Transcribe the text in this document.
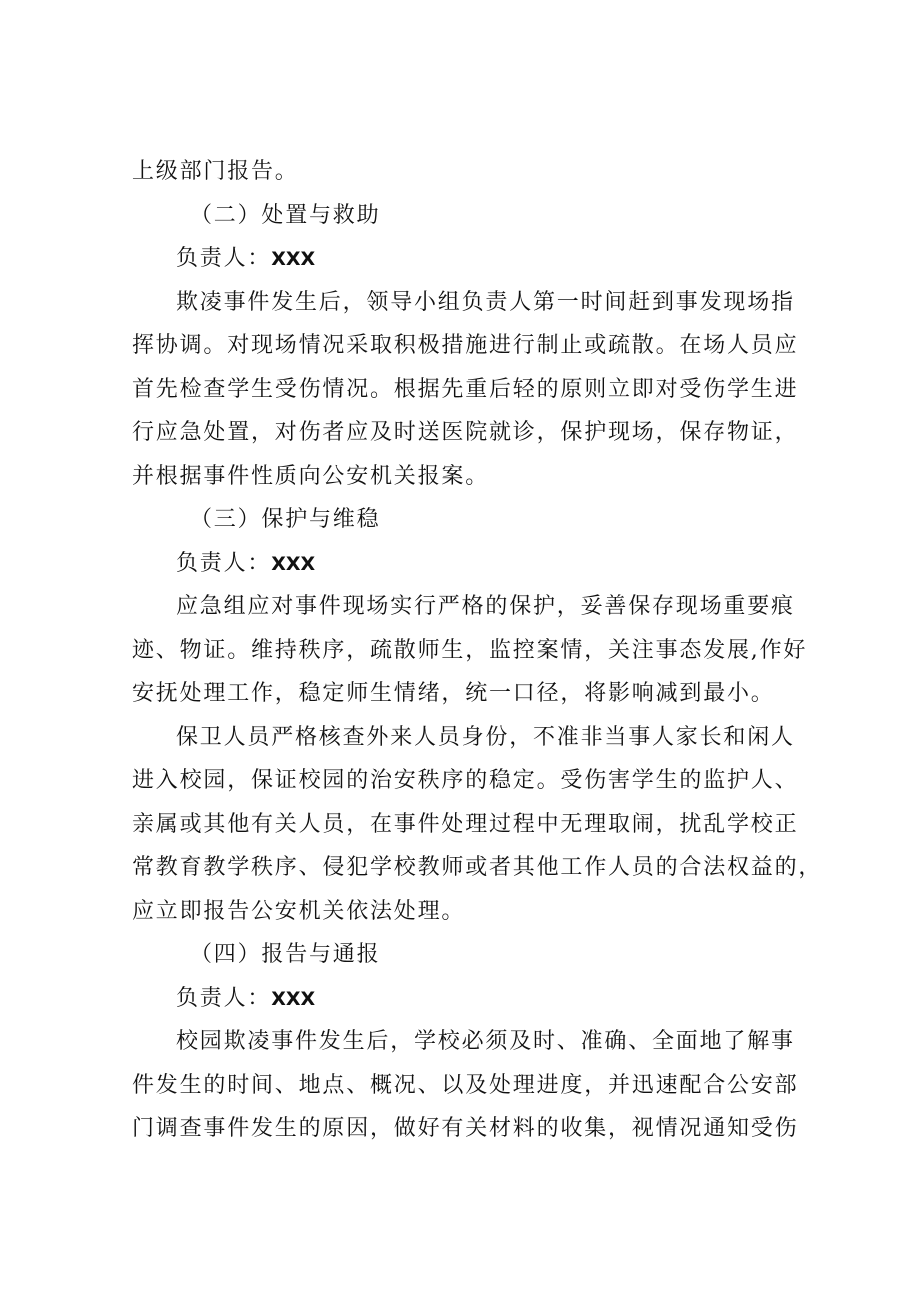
上级部门报告。
（二）处置与救助
负责人：XXX
欺凌事件发生后，领导小组负责人第一时间赶到事发现场指
挥协调。对现场情况采取积极措施进行制止或疏散。在场人员应
首先检查学生受伤情况。根据先重后轻的原则立即对受伤学生进
行应急处置，对伤者应及时送医院就诊，保护现场，保存物证，
并根据事件性质向公安机关报案。
（三）保护与维稳
负责人：XXX
应急组应对事件现场实行严格的保护，妥善保存现场重要痕
迹、物证。维持秩序，疏散师生，监控案情，关注事态发展,作好
安抚处理工作，稳定师生情绪，统一口径，将影响减到最小。
保卫人员严格核查外来人员身份，不准非当事人家长和闲人
进入校园，保证校园的治安秩序的稳定。受伤害学生的监护人、
亲属或其他有关人员，在事件处理过程中无理取闹，扰乱学校正
常教育教学秩序、侵犯学校教师或者其他工作人员的合法权益的，
应立即报告公安机关依法处理。
（四）报告与通报
负责人：XXX
校园欺凌事件发生后，学校必须及时、准确、全面地了解事
件发生的时间、地点、概况、以及处理进度，并迅速配合公安部
门调查事件发生的原因，做好有关材料的收集，视情况通知受伤
